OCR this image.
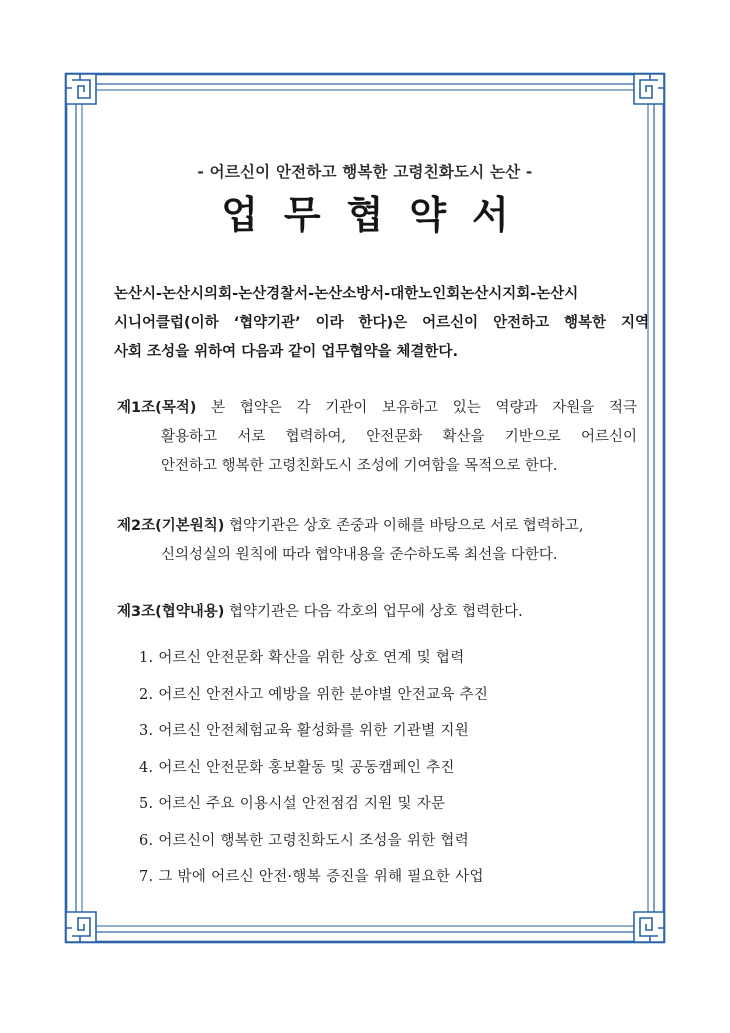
- 어르신이 안전하고 행복한 고령친화도시 논산 -
업무협약서
논산시-논산시의회-논산경찰서-논산소방서-대한노인회논산시지회-논산시
시니어클럽(이하 ‘협약기관’ 이라 한다)은 어르신이 안전하고 행복한 지역
사회 조성을 위하여 다음과 같이 업무협약을 체결한다.
제1조(목적) 본 협약은 각 기관이 보유하고 있는 역량과 자원을 적극
활용하고 서로 협력하여, 안전문화 확산을 기반으로 어르신이
안전하고 행복한 고령친화도시 조성에 기여함을 목적으로 한다.
제2조(기본원칙) 협약기관은 상호 존중과 이해를 바탕으로 서로 협력하고,
신의성실의 원칙에 따라 협약내용을 준수하도록 최선을 다한다.
제3조(협약내용) 협약기관은 다음 각호의 업무에 상호 협력한다.
1. 어르신 안전문화 확산을 위한 상호 연계 및 협력
2. 어르신 안전사고 예방을 위한 분야별 안전교육 추진
3. 어르신 안전체험교육 활성화를 위한 기관별 지원
4. 어르신 안전문화 홍보활동 및 공동캠페인 추진
5. 어르신 주요 이용시설 안전점검 지원 및 자문
6. 어르신이 행복한 고령친화도시 조성을 위한 협력
7. 그 밖에 어르신 안전·행복 증진을 위해 필요한 사업
